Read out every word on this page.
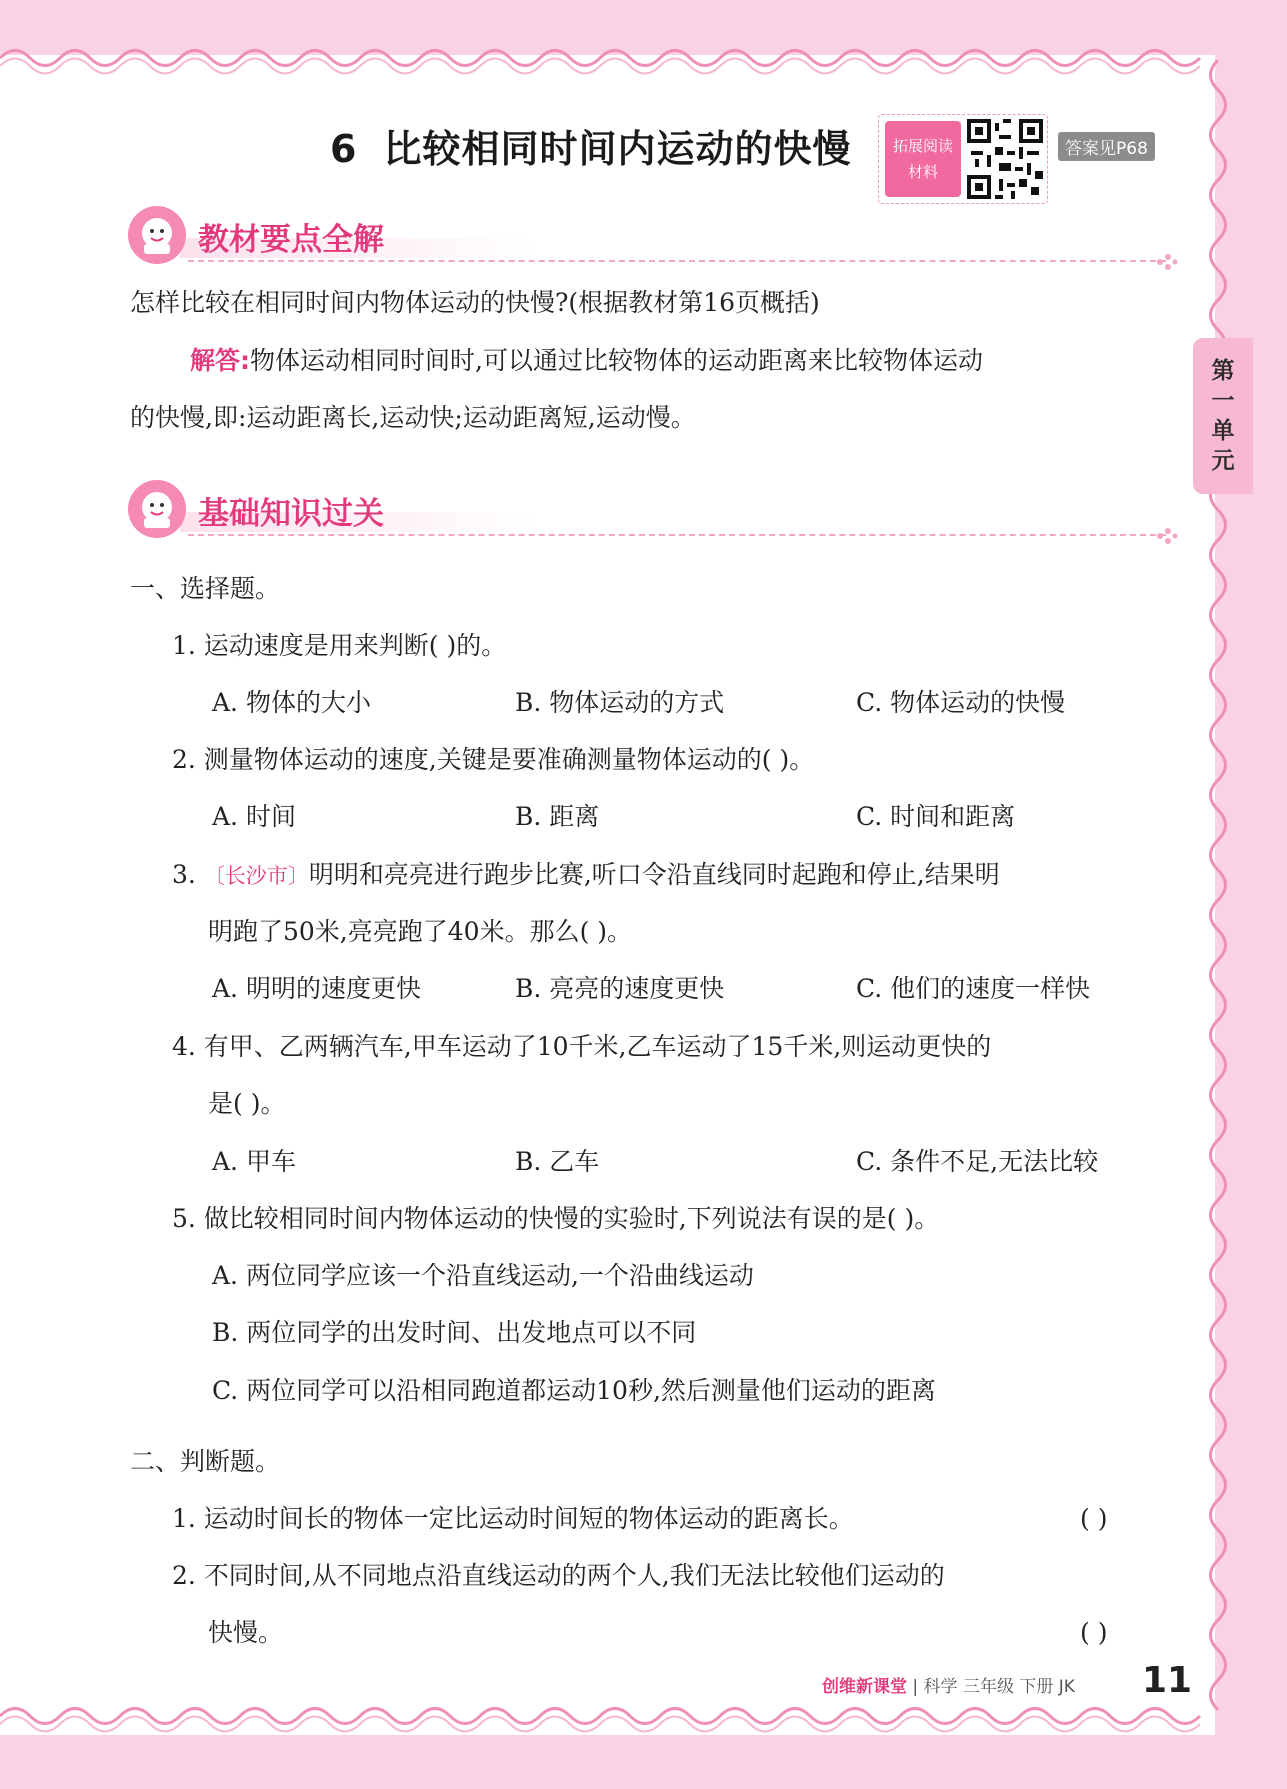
6 比较相同时间内运动的快慢	拓展阅读
材料
答案见P68
教材要点全解
怎样比较在相同时间内物体运动的快慢?(根据教材第16页概括)
解答:物体运动相同时间时,可以通过比较物体的运动距离来比较物体运动
的快慢,即:运动距离长,运动快;运动距离短,运动慢。
基础知识过关
一、选择题。
1. 运动速度是用来判断( )的。
A. 物体的大小	B. 物体运动的方式	C. 物体运动的快慢
2. 测量物体运动的速度,关键是要准确测量物体运动的( )。
A. 时间	B. 距离	C. 时间和距离
3. 〔长沙市〕明明和亮亮进行跑步比赛,听口令沿直线同时起跑和停止,结果明
明跑了50米,亮亮跑了40米。那么( )。
A. 明明的速度更快	B. 亮亮的速度更快	C. 他们的速度一样快
4. 有甲、乙两辆汽车,甲车运动了10千米,乙车运动了15千米,则运动更快的
是( )。
A. 甲车	B. 乙车	C. 条件不足,无法比较
5. 做比较相同时间内物体运动的快慢的实验时,下列说法有误的是( )。
A. 两位同学应该一个沿直线运动,一个沿曲线运动
B. 两位同学的出发时间、出发地点可以不同
C. 两位同学可以沿相同跑道都运动10秒,然后测量他们运动的距离
二、判断题。
1. 运动时间长的物体一定比运动时间短的物体运动的距离长。	( )
2. 不同时间,从不同地点沿直线运动的两个人,我们无法比较他们运动的
快慢。	( )
第一单元
创维新课堂 | 科学 三年级 下册 JK 11
